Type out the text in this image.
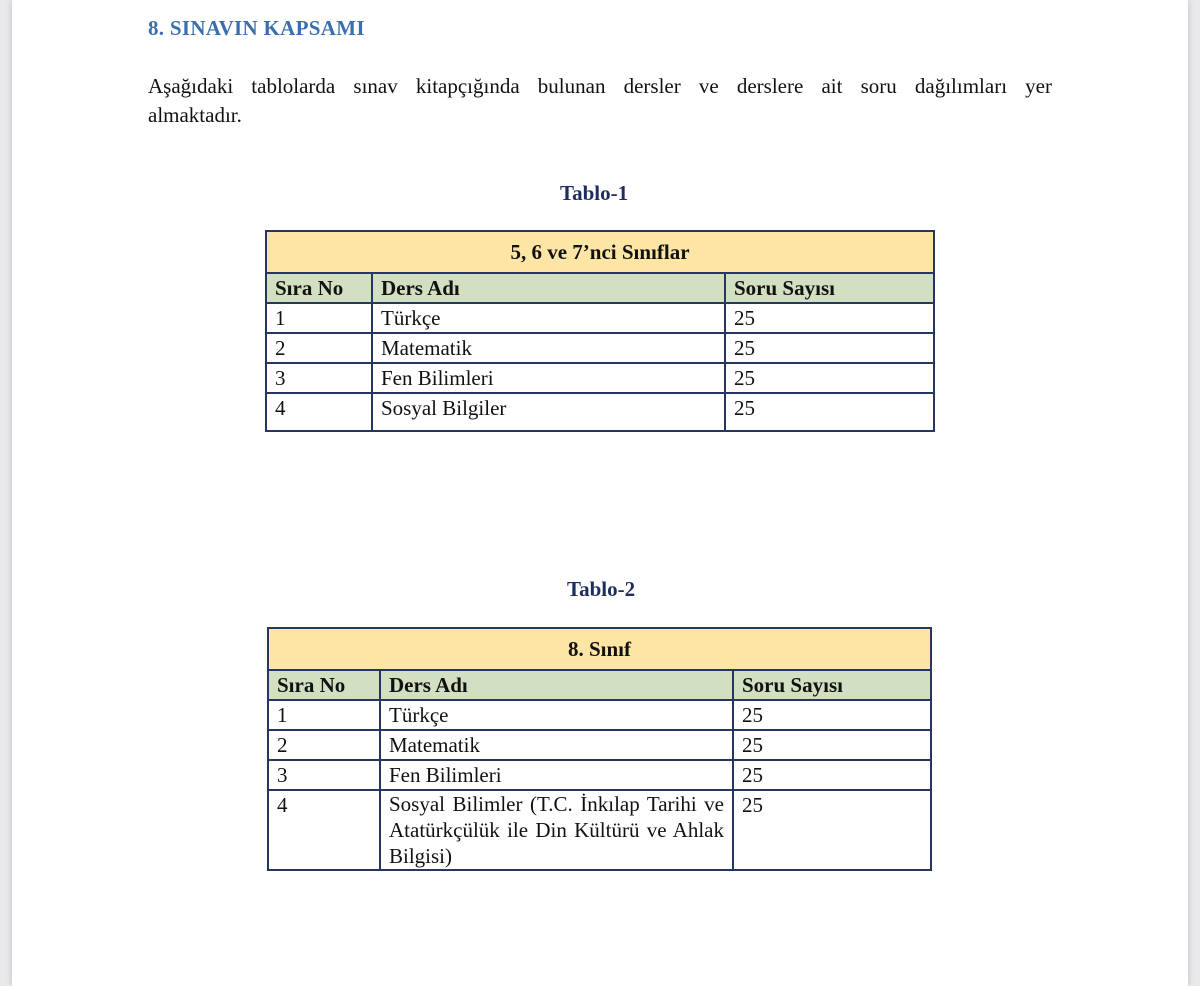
8. SINAVIN KAPSAMI
Aşağıdaki tablolarda sınav kitapçığında bulunan dersler ve derslere ait soru dağılımları yer
almaktadır.
Tablo-1
5, 6 ve 7’nci Sınıflar		
Sıra No	Ders Adı	Soru Sayısı
1	Türkçe	25
2	Matematik	25
3	Fen Bilimleri	25
4	Sosyal Bilgiler	25
Tablo-2
8. Sınıf		
Sıra No	Ders Adı	Soru Sayısı
1	Türkçe	25
2	Matematik	25
3	Fen Bilimleri	25
4	Sosyal Bilimler (T.C. İnkılap Tarihi ve Atatürkçülük ile Din Kültürü ve Ahlak Bilgisi)	25
